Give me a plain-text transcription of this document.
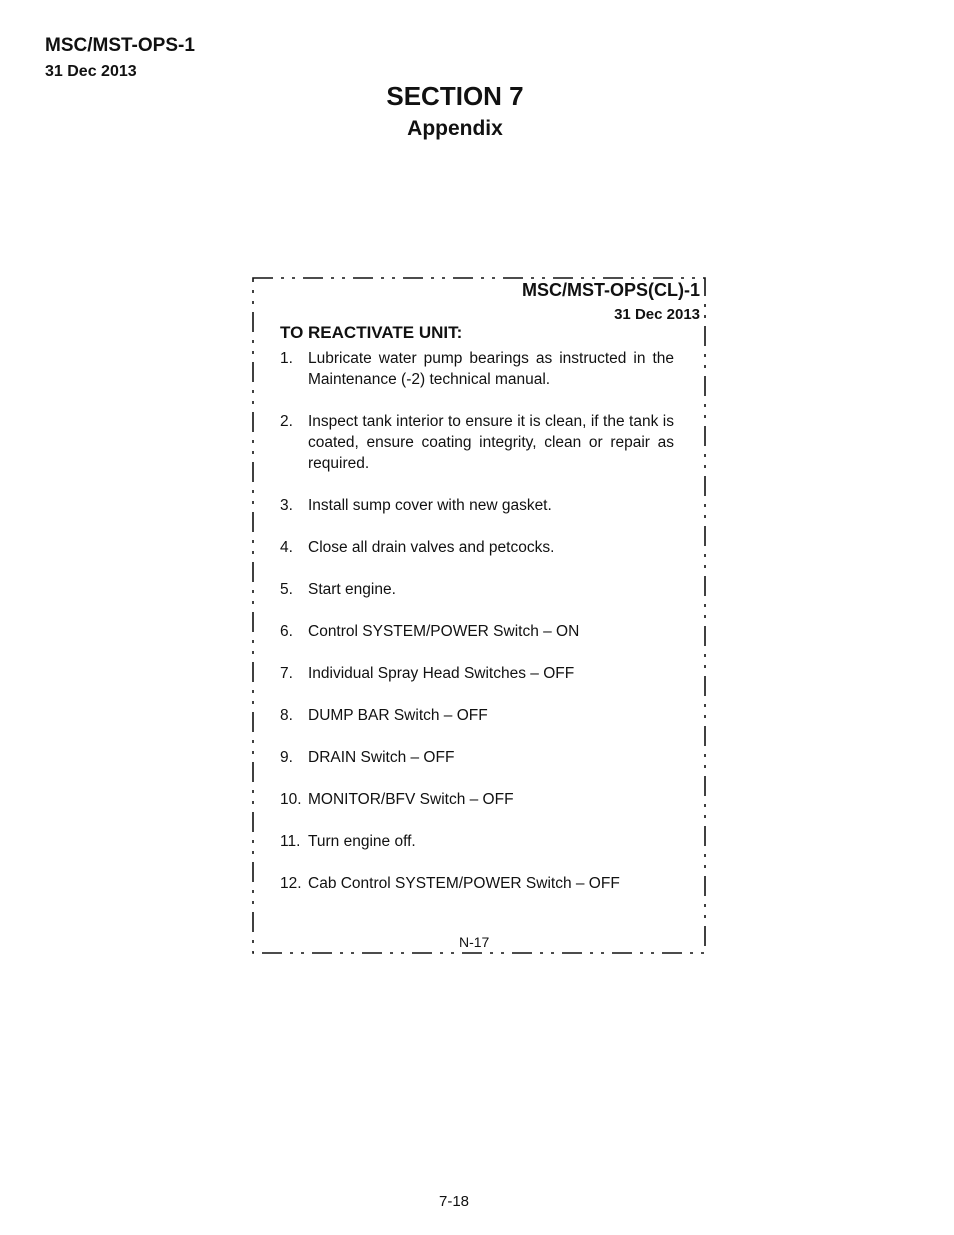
MSC/MST-OPS-1
31 Dec 2013
SECTION 7
Appendix
MSC/MST-OPS(CL)-1
31 Dec 2013
TO REACTIVATE UNIT:
1. Lubricate water pump bearings as instructed in the Maintenance (-2) technical manual.
2. Inspect tank interior to ensure it is clean, if the tank is coated, ensure coating integrity, clean or repair as required.
3. Install sump cover with new gasket.
4. Close all drain valves and petcocks.
5. Start engine.
6. Control SYSTEM/POWER Switch – ON
7. Individual Spray Head Switches – OFF
8. DUMP BAR Switch – OFF
9. DRAIN Switch – OFF
10. MONITOR/BFV Switch – OFF
11. Turn engine off.
12. Cab Control SYSTEM/POWER Switch – OFF
N-17
7-18
